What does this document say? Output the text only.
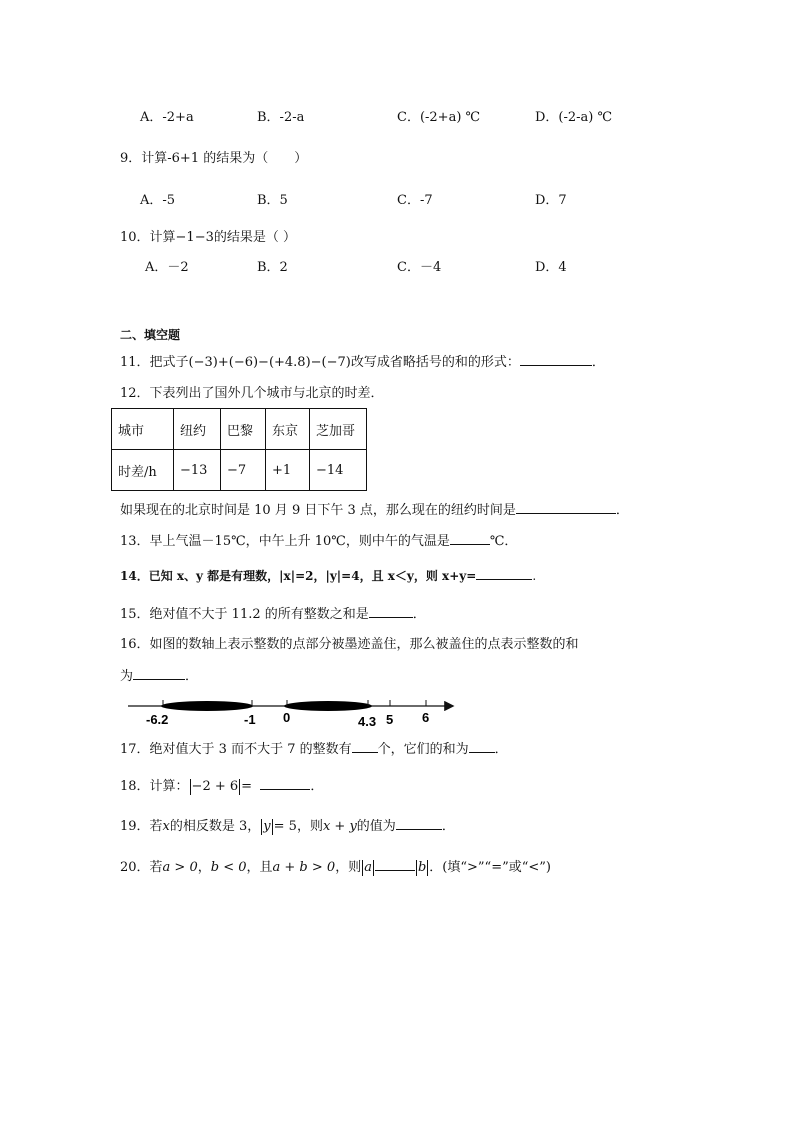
A．-2+a	B．-2-a	C．(-2+a) ℃	D．(-2-a) ℃
9．计算-6+1 的结果为（　　）
A．-5	B．5	C．-7	D．7
10．计算−1−3的结果是（ ）
A．－2	B．2	C．－4	D．4
二、填空题
11．把式子(−3)+(−6)−(+4.8)−(−7)改写成省略括号的和的形式：	．
12．下表列出了国外几个城市与北京的时差．
城市	纽约	巴黎	东京	芝加哥
时差/h	−13	−7	+1	−14
如果现在的北京时间是 10 月 9 日下午 3 点，那么现在的纽约时间是	．
13．早上气温－15℃，中午上升 10℃，则中午的气温是	℃．
14．已知 x、y 都是有理数，|x|=2，|y|=4，且 x＜y，则 x+y=	.
15．绝对值不大于 11.2 的所有整数之和是	．
16．如图的数轴上表示整数的点部分被墨迹盖住，那么被盖住的点表示整数的和
为	．
-6.2	-1 0	4.3 5 6
17．绝对值大于 3 而不大于 7 的整数有 个，它们的和为 ．
18．计算： −2 + 6 =	．
19．若x的相反数是 3， y = 5，则x + y的值为	．
20．若a > 0，b < 0，且a + b > 0，则 a	b ．(填“>”“=”或“<”)
